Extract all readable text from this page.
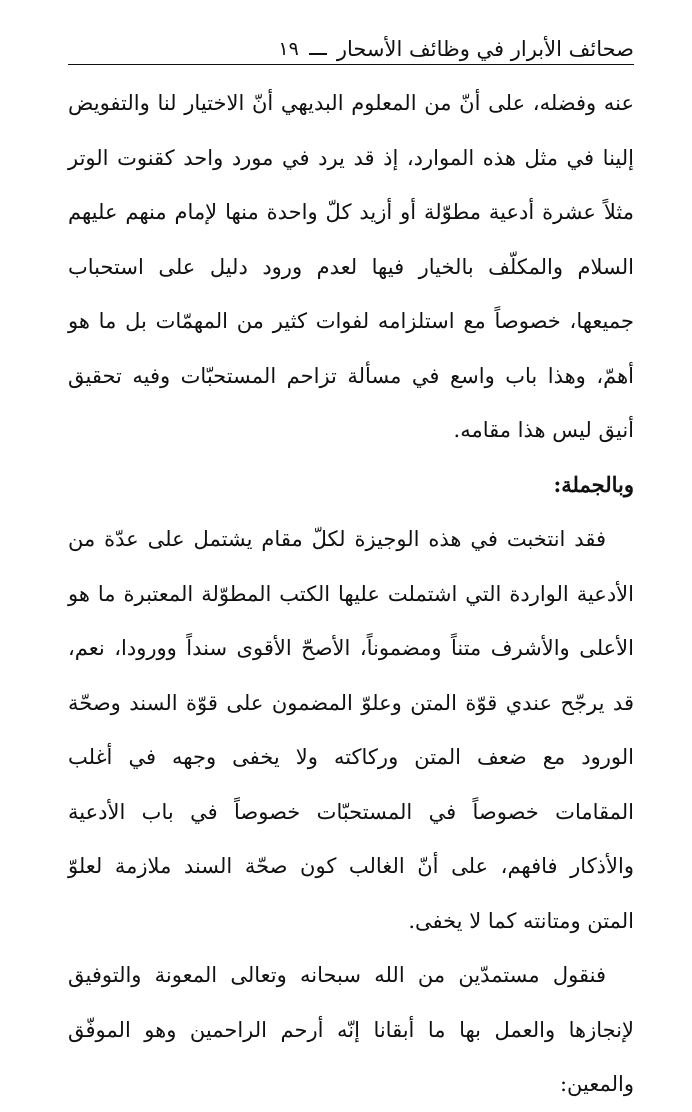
صحائف الأبرار في وظائف الأسحار
١٩

عنه وفضله، على أنّ من المعلوم البديهي أنّ الاختيار لنا والتفويض إلينا في مثل هذه الموارد، إذ قد يرد في مورد واحد كقنوت الوتر مثلاً عشرة أدعية مطوّلة أو أزيد كلّ واحدة منها لإمام منهم عليهم السلام والمكلّف بالخيار فيها لعدم ورود دليل على استحباب جميعها، خصوصاً مع استلزامه لفوات كثير من المهمّات بل ما هو أهمّ، وهذا باب واسع في مسألة تزاحم المستحبّات وفيه تحقيق أنيق ليس هذا مقامه.

وبالجملة:

فقد انتخبت في هذه الوجيزة لكلّ مقام يشتمل على عدّة من الأدعية الواردة التي اشتملت عليها الكتب المطوّلة المعتبرة ما هو الأعلى والأشرف متناً ومضموناً، الأصحّ الأقوى سنداً وورودا، نعم، قد يرجّح عندي قوّة المتن وعلوّ المضمون على قوّة السند وصحّة الورود مع ضعف المتن وركاكته ولا يخفى وجهه في أغلب المقامات خصوصاً في المستحبّات خصوصاً في باب الأدعية والأذكار فافهم، على أنّ الغالب كون صحّة السند ملازمة لعلوّ المتن ومتانته كما لا يخفى.

فنقول مستمدّين من الله سبحانه وتعالى المعونة والتوفيق لإنجازها والعمل بها ما أبقانا إنّه أرحم الراحمين وهو الموفّق والمعين:
